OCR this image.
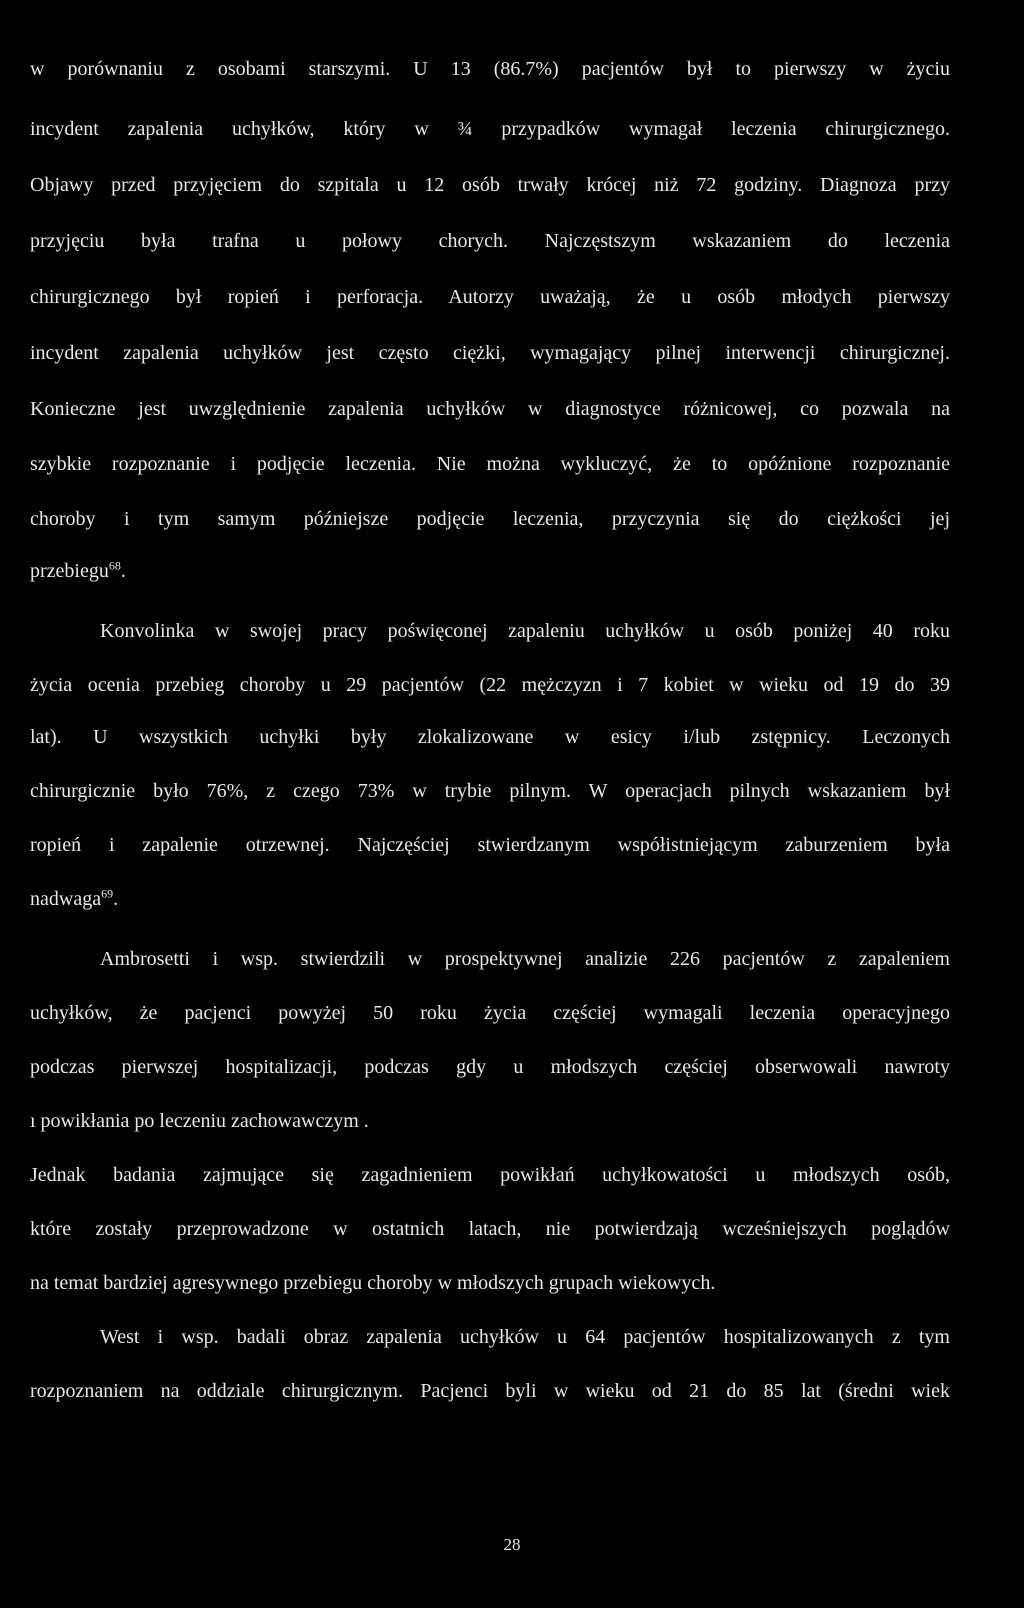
w porównaniu z osobami starszymi. U 13 (86.7%) pacjentów był to pierwszy w życiu
incydent zapalenia uchyłków, który w ¾ przypadków wymagał leczenia chirurgicznego.
Objawy przed przyjęciem do szpitala u 12 osób trwały krócej niż 72 godziny. Diagnoza przy
przyjęciu była trafna u połowy chorych. Najczęstszym wskazaniem do leczenia
chirurgicznego był ropień i perforacja. Autorzy uważają, że u osób młodych pierwszy
incydent zapalenia uchyłków jest często ciężki, wymagający pilnej interwencji chirurgicznej.
Konieczne jest uwzględnienie zapalenia uchyłków w diagnostyce różnicowej, co pozwala na
szybkie rozpoznanie i podjęcie leczenia. Nie można wykluczyć, że to opóźnione rozpoznanie
choroby i tym samym późniejsze podjęcie leczenia, przyczynia się do ciężkości jej
przebiegu$^{68}$.
Konvolinka w swojej pracy poświęconej zapaleniu uchyłków u osób poniżej 40 roku
życia ocenia przebieg choroby u 29 pacjentów (22 mężczyzn i 7 kobiet w wieku od 19 do 39
lat). U wszystkich uchyłki były zlokalizowane w esicy i/lub zstępnicy. Leczonych
chirurgicznie było 76%, z czego 73% w trybie pilnym. W operacjach pilnych wskazaniem był
ropień i zapalenie otrzewnej. Najczęściej stwierdzanym współistniejącym zaburzeniem była
nadwaga$^{69}$.
Ambrosetti i wsp. stwierdzili w prospektywnej analizie 226 pacjentów z zapaleniem
uchyłków, że pacjenci powyżej 50 roku życia częściej wymagali leczenia operacyjnego
podczas pierwszej hospitalizacji, podczas gdy u młodszych częściej obserwowali nawroty
ı powikłania po leczeniu zachowawczym .
Jednak badania zajmujące się zagadnieniem powikłań uchyłkowatości u młodszych osób,
które zostały przeprowadzone w ostatnich latach, nie potwierdzają wcześniejszych poglądów
na temat bardziej agresywnego przebiegu choroby w młodszych grupach wiekowych.
West i wsp. badali obraz zapalenia uchyłków u 64 pacjentów hospitalizowanych z tym
rozpoznaniem na oddziale chirurgicznym. Pacjenci byli w wieku od 21 do 85 lat (średni wiek
28
